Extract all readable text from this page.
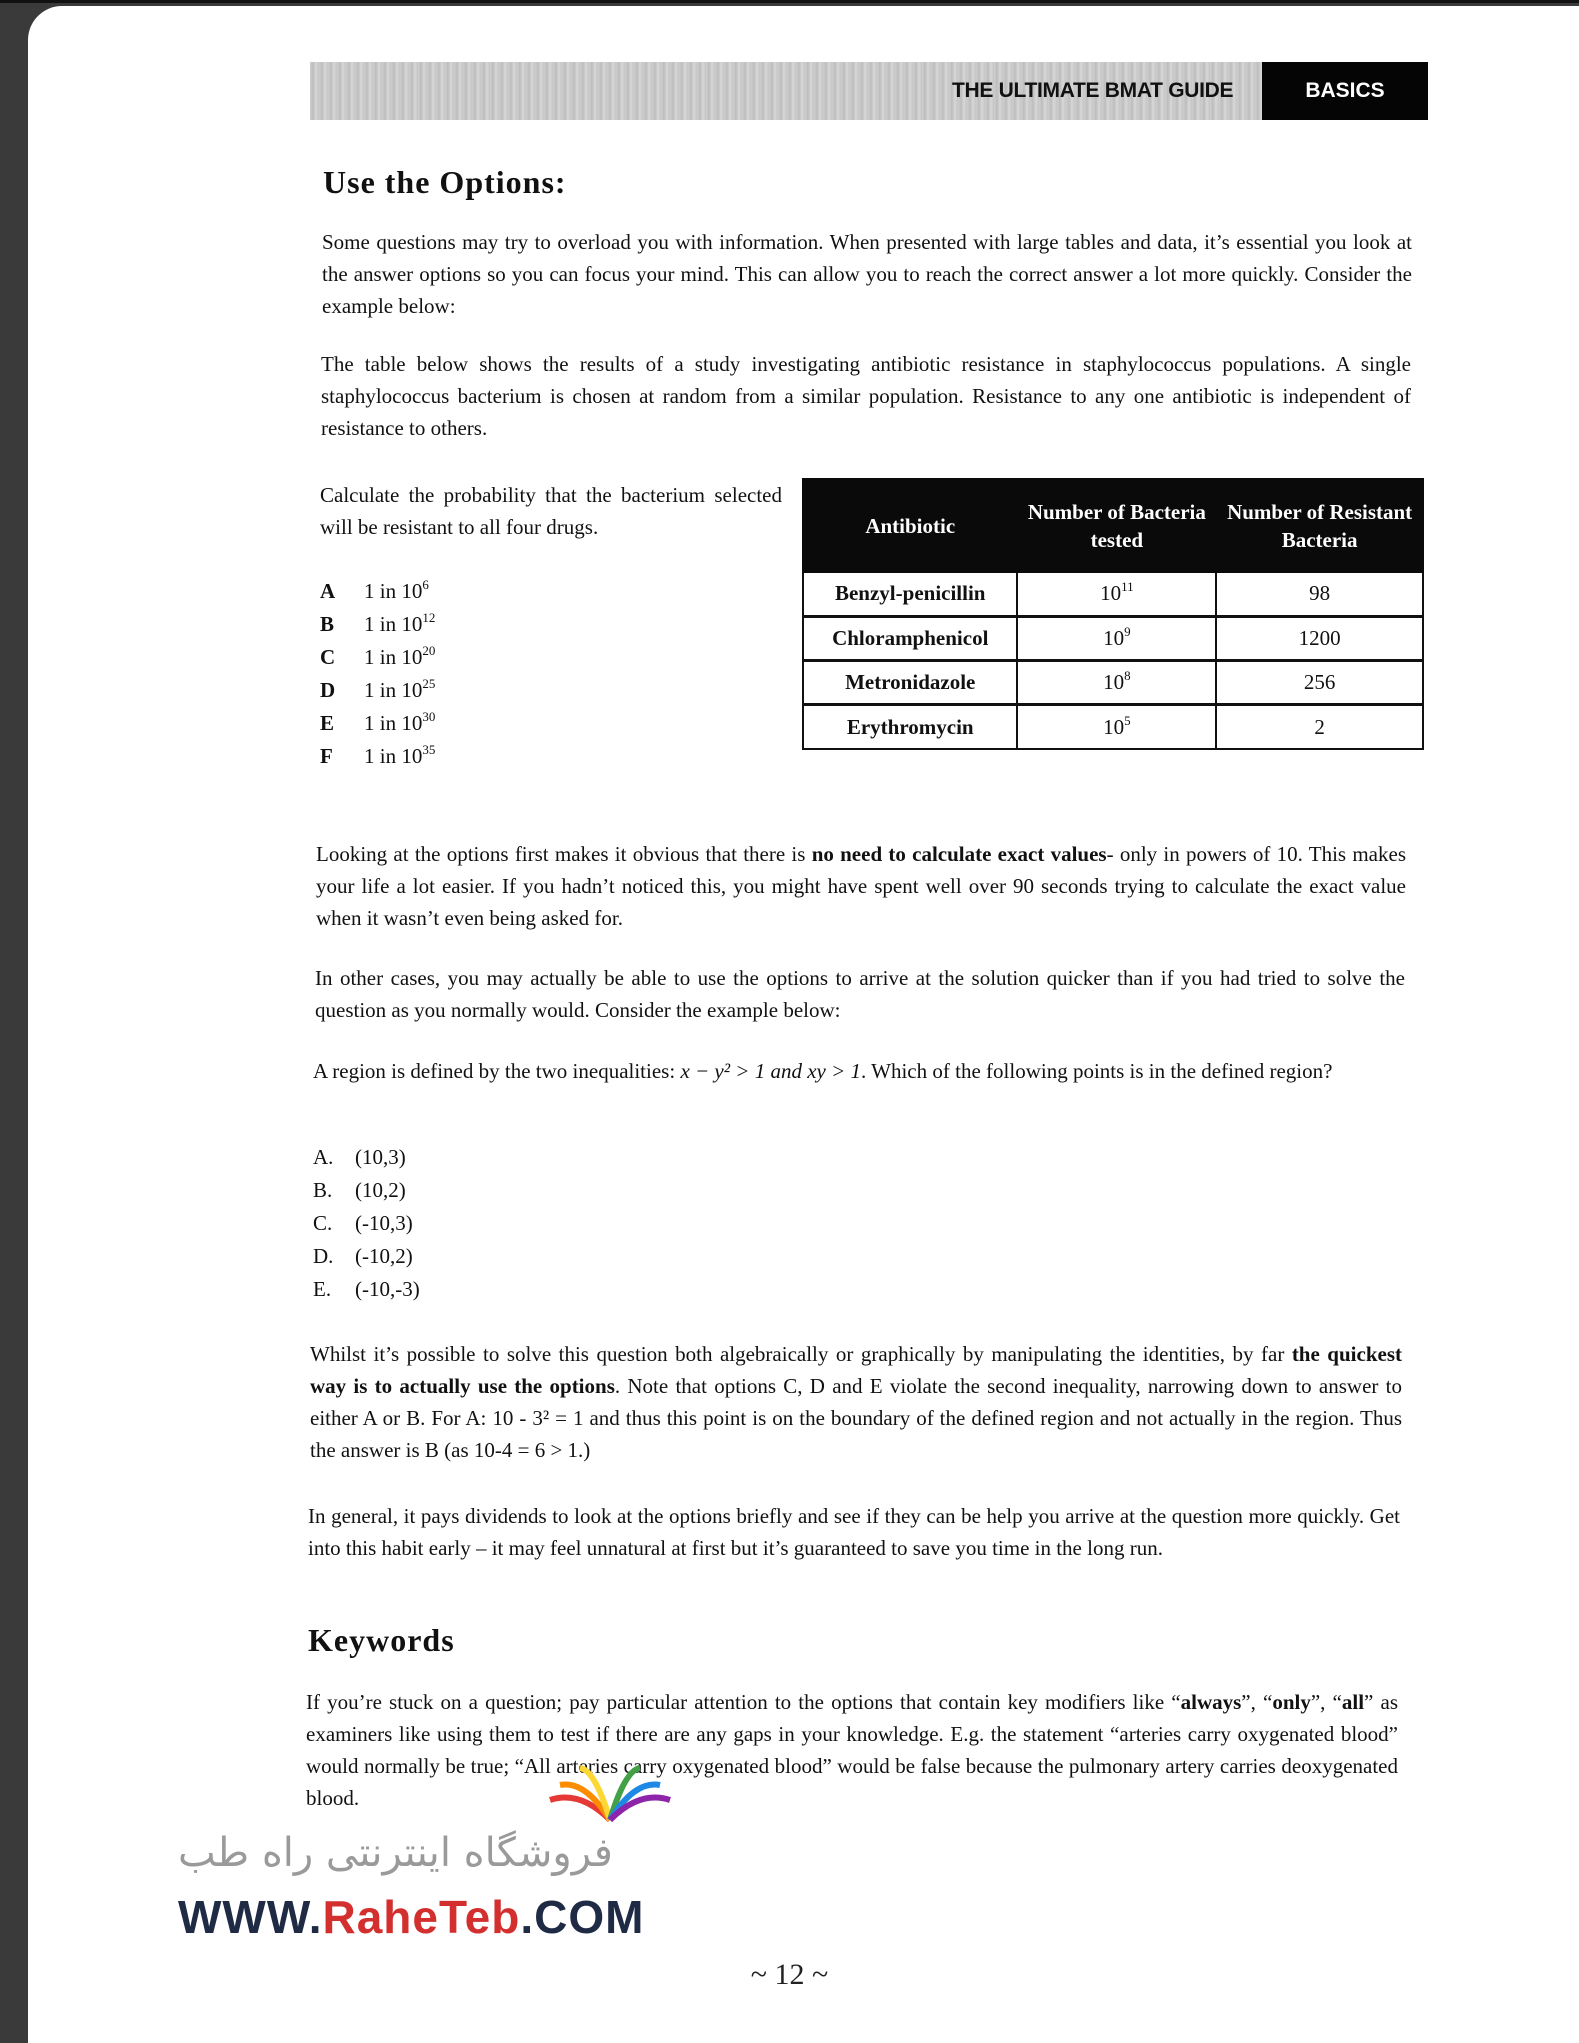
THE ULTIMATE BMAT GUIDE	BASICS
Use the Options:
Some questions may try to overload you with information. When presented with large tables and data, it’s essential you look at the answer options so you can focus your mind. This can allow you to reach the correct answer a lot more quickly. Consider the example below:
The table below shows the results of a study investigating antibiotic resistance in staphylococcus populations. A single staphylococcus bacterium is chosen at random from a similar population. Resistance to any one antibiotic is independent of resistance to others.
Calculate the probability that the bacterium selected will be resistant to all four drugs.
A 1 in $10^6$
B 1 in $10^{12}$
C 1 in $10^{20}$
D 1 in $10^{25}$
E 1 in $10^{30}$
F 1 in $10^{35}$
Antibiotic	Number of Bacteria tested	Number of Resistant Bacteria
Benzyl-penicillin	$10^{11}$	98
Chloramphenicol	$10^9$	1200
Metronidazole	$10^8$	256
Erythromycin	$10^5$	2
Looking at the options first makes it obvious that there is no need to calculate exact values- only in powers of 10. This makes your life a lot easier. If you hadn’t noticed this, you might have spent well over 90 seconds trying to calculate the exact value when it wasn’t even being asked for.
In other cases, you may actually be able to use the options to arrive at the solution quicker than if you had tried to solve the question as you normally would. Consider the example below:
A region is defined by the two inequalities: x − y² > 1 and xy > 1. Which of the following points is in the defined region?
A. (10,3)
B. (10,2)
C. (-10,3)
D. (-10,2)
E. (-10,-3)
Whilst it’s possible to solve this question both algebraically or graphically by manipulating the identities, by far the quickest way is to actually use the options. Note that options C, D and E violate the second inequality, narrowing down to answer to either A or B. For A: 10 - 3² = 1 and thus this point is on the boundary of the defined region and not actually in the region. Thus the answer is B (as 10-4 = 6 > 1.)
In general, it pays dividends to look at the options briefly and see if they can be help you arrive at the question more quickly. Get into this habit early – it may feel unnatural at first but it’s guaranteed to save you time in the long run.
Keywords
If you’re stuck on a question; pay particular attention to the options that contain key modifiers like “always”, “only”, “all” as examiners like using them to test if there are any gaps in your knowledge. E.g. the statement “arteries carry oxygenated blood” would normally be true; “All arteries carry oxygenated blood” would be false because the pulmonary artery carries deoxygenated blood.
فروشگاه اینترنتی راه طب
WWW.RaheTeb.COM
~ 12 ~
